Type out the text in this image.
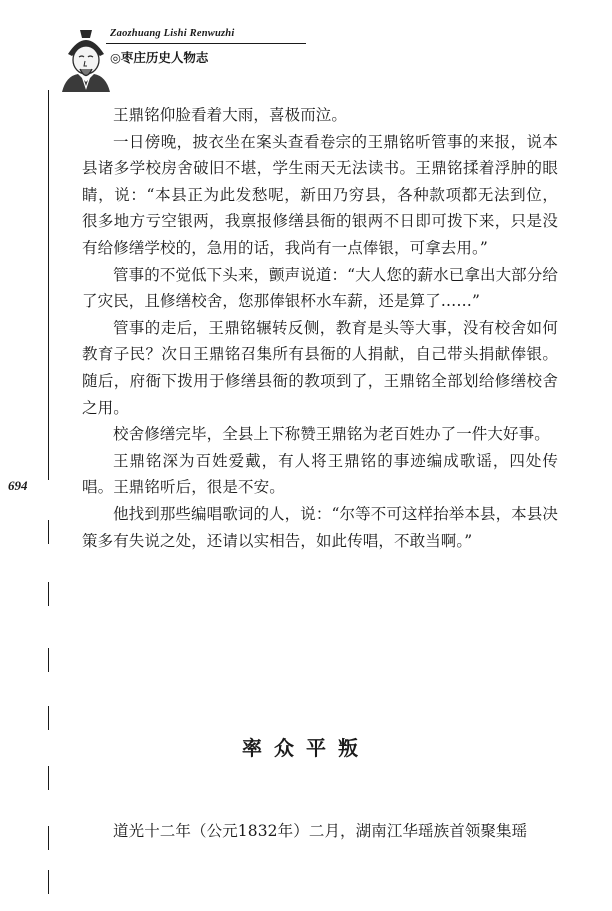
Zaozhuang Lishi Renwuzhi
◎枣庄历史人物志
694

王鼎铭仰脸看着大雨，喜极而泣。

一日傍晚，披衣坐在案头查看卷宗的王鼎铭听管事的来报，说本县诸多学校房舍破旧不堪，学生雨天无法读书。王鼎铭揉着浮肿的眼睛，说：“本县正为此发愁呢，新田乃穷县，各种款项都无法到位，很多地方亏空银两，我禀报修缮县衙的银两不日即可拨下来，只是没有给修缮学校的，急用的话，我尚有一点俸银，可拿去用。”

管事的不觉低下头来，颤声说道：“大人您的薪水已拿出大部分给了灾民，且修缮校舍，您那俸银杯水车薪，还是算了……”

管事的走后，王鼎铭辗转反侧，教育是头等大事，没有校舍如何教育子民？次日王鼎铭召集所有县衙的人捐献，自己带头捐献俸银。随后，府衙下拨用于修缮县衙的教项到了，王鼎铭全部划给修缮校舍之用。

校舍修缮完毕，全县上下称赞王鼎铭为老百姓办了一件大好事。

王鼎铭深为百姓爱戴，有人将王鼎铭的事迹编成歌谣，四处传唱。王鼎铭听后，很是不安。

他找到那些编唱歌词的人，说：“尔等不可这样抬举本县，本县决策多有失说之处，还请以实相告，如此传唱，不敢当啊。”

率众平叛

道光十二年（公元1832年）二月，湖南江华瑶族首领聚集瑶
